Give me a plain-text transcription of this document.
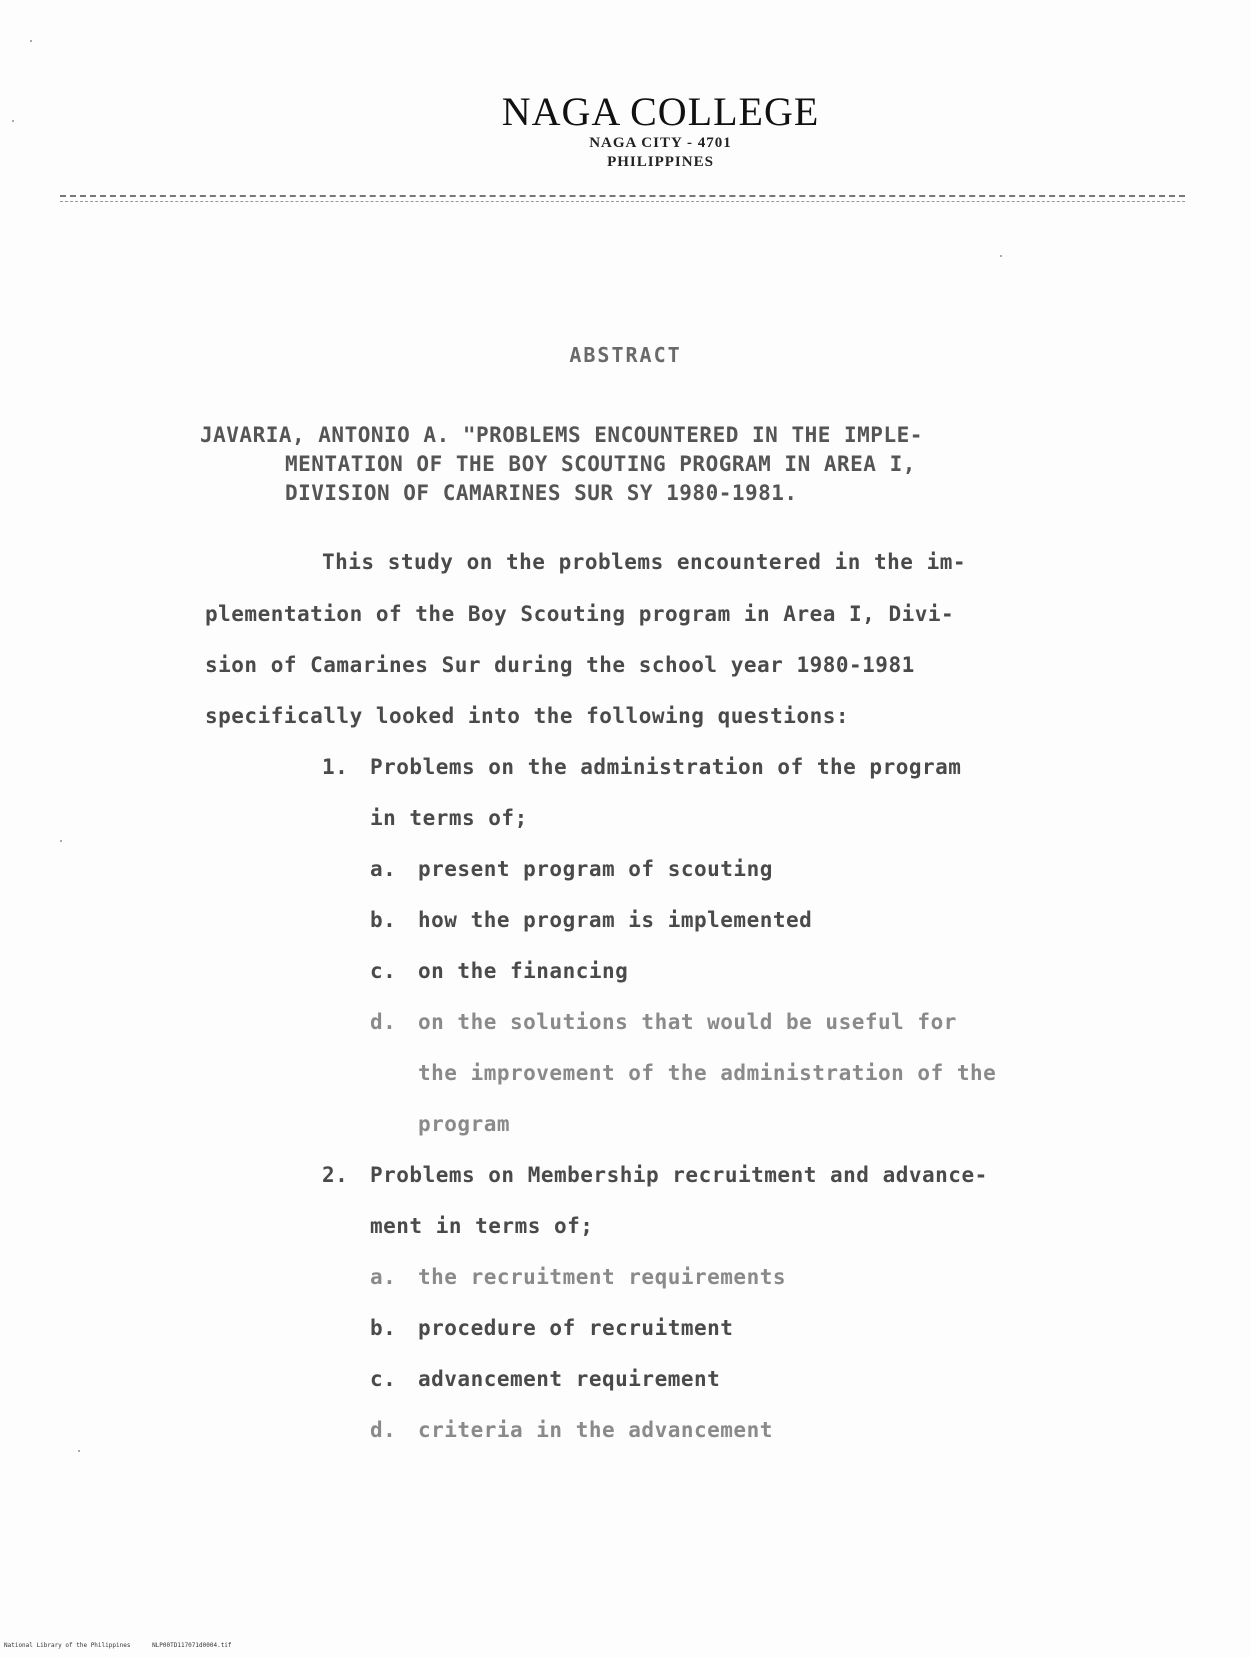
NAGA COLLEGE
NAGA CITY - 4701
PHILIPPINES
ABSTRACT
JAVARIA, ANTONIO A. "PROBLEMS ENCOUNTERED IN THE IMPLE-
MENTATION OF THE BOY SCOUTING PROGRAM IN AREA I,
DIVISION OF CAMARINES SUR SY 1980-1981.
This study on the problems encountered in the im-
plementation of the Boy Scouting program in Area I, Divi-
sion of Camarines Sur during the school year 1980-1981
specifically looked into the following questions:
1. Problems on the administration of the program
in terms of;
a. present program of scouting
b. how the program is implemented
c. on the financing
d. on the solutions that would be useful for
the improvement of the administration of the
program
2. Problems on Membership recruitment and advance-
ment in terms of;
a. the recruitment requirements
b. procedure of recruitment
c. advancement requirement
d. criteria in the advancement
National Library of the Philippines	NLP00TD117071d0004.tif
